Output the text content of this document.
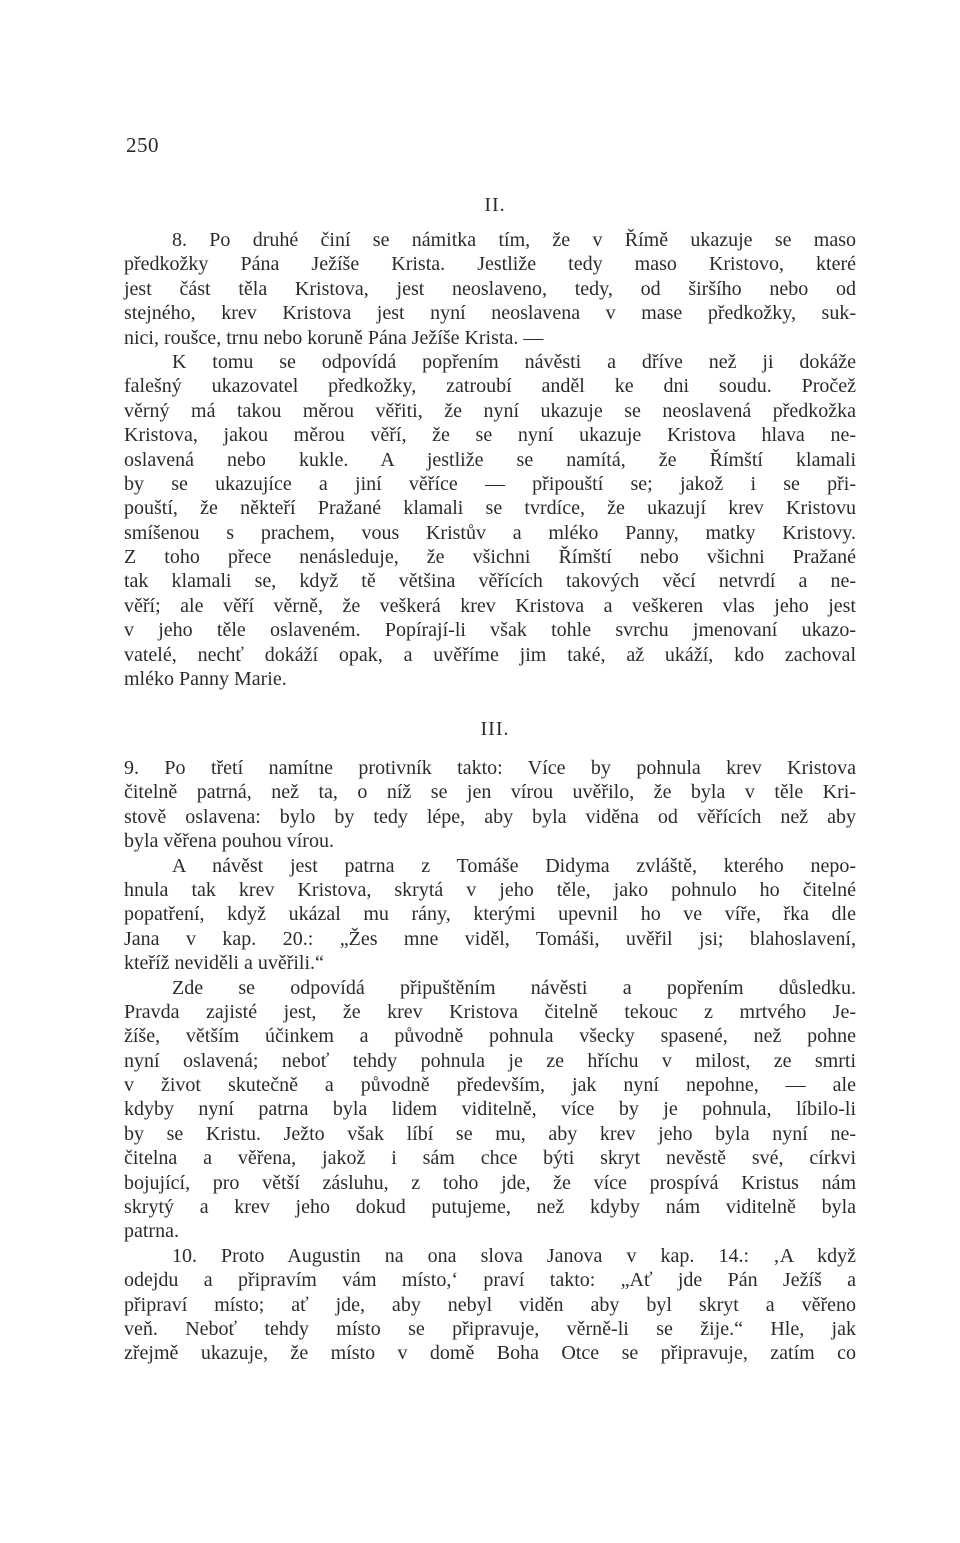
250
II.
8. Po druhé činí se námitka tím, že v Římě ukazuje se maso
předkožky Pána Ježíše Krista. Jestliže tedy maso Kristovo, které
jest část těla Kristova, jest neoslaveno, tedy, od širšího nebo od
stejného, krev Kristova jest nyní neoslavena v mase předkožky, suk-
nici, roušce, trnu nebo koruně Pána Ježíše Krista. —
K tomu se odpovídá popřením návěsti a dříve než ji dokáže
falešný ukazovatel předkožky, zatroubí anděl ke dni soudu. Pročež
věrný má takou měrou věřiti, že nyní ukazuje se neoslavená předkožka
Kristova, jakou měrou věří, že se nyní ukazuje Kristova hlava ne-
oslavená nebo kukle. A jestliže se namítá, že Římští klamali
by se ukazujíce a jiní věříce — připouští se; jakož i se při-
pouští, že někteří Pražané klamali se tvrdíce, že ukazují krev Kristovu
smíšenou s prachem, vous Kristův a mléko Panny, matky Kristovy.
Z toho přece nenásleduje, že všichni Římští nebo všichni Pražané
tak klamali se, když tě většina věřících takových věcí netvrdí a ne-
věří; ale věří věrně, že veškerá krev Kristova a veškeren vlas jeho jest
v jeho těle oslaveném. Popírají-li však tohle svrchu jmenovaní ukazo-
vatelé, nechť dokáží opak, a uvěříme jim také, až ukáží, kdo zachoval
mléko Panny Marie.
III.
9. Po třetí namítne protivník takto: Více by pohnula krev Kristova
čitelně patrná, než ta, o níž se jen vírou uvěřilo, že byla v těle Kri-
stově oslavena: bylo by tedy lépe, aby byla viděna od věřících než aby
byla věřena pouhou vírou.
A návěst jest patrna z Tomáše Didyma zvláště, kterého nepo-
hnula tak krev Kristova, skrytá v jeho těle, jako pohnulo ho čitelné
popatření, když ukázal mu rány, kterými upevnil ho ve víře, řka dle
Jana v kap. 20.: „Žes mne viděl, Tomáši, uvěřil jsi; blahoslavení,
kteříž neviděli a uvěřili.“
Zde se odpovídá připuštěním návěsti a popřením důsledku.
Pravda zajisté jest, že krev Kristova čitelně tekouc z mrtvého Je-
žíše, větším účinkem a původně pohnula všecky spasené, než pohne
nyní oslavená; neboť tehdy pohnula je ze hříchu v milost, ze smrti
v život skutečně a původně především, jak nyní nepohne, — ale
kdyby nyní patrna byla lidem viditelně, více by je pohnula, líbilo-li
by se Kristu. Ježto však líbí se mu, aby krev jeho byla nyní ne-
čitelna a věřena, jakož i sám chce býti skryt nevěstě své, církvi
bojující, pro větší zásluhu, z toho jde, že více prospívá Kristus nám
skrytý a krev jeho dokud putujeme, než kdyby nám viditelně byla
patrna.
10. Proto Augustin na ona slova Janova v kap. 14.: ‚A když
odejdu a připravím vám místo,‘ praví takto: „Ať jde Pán Ježíš a
připraví místo; ať jde, aby nebyl viděn aby byl skryt a věřeno
veň. Neboť tehdy místo se připravuje, věrně-li se žije.“ Hle, jak
zřejmě ukazuje, že místo v domě Boha Otce se připravuje, zatím co
